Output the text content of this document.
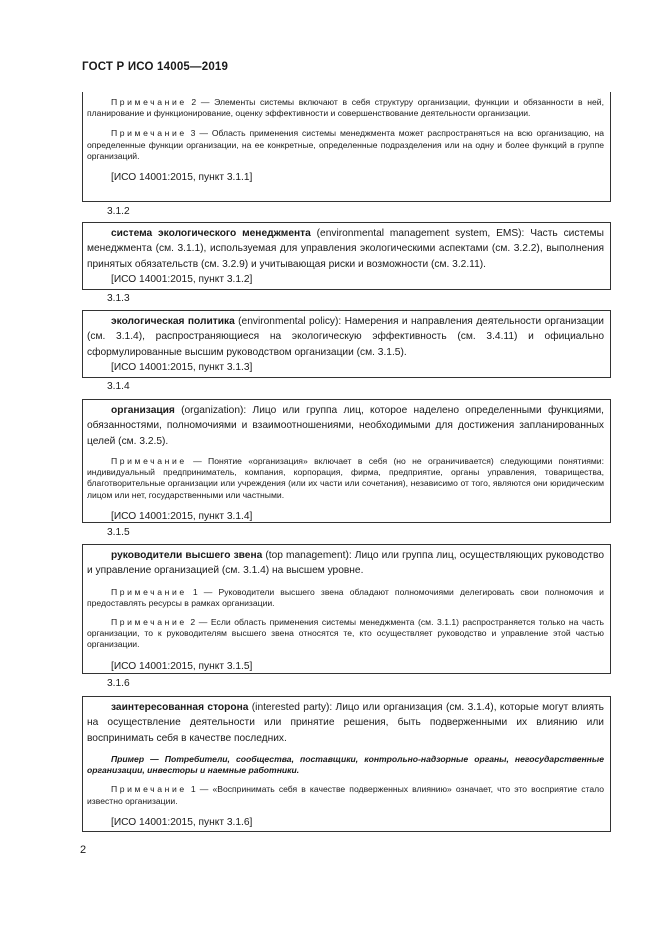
ГОСТ Р ИСО 14005—2019

Примечание 2 — Элементы системы включают в себя структуру организации, функции и обязанности в ней, планирование и функционирование, оценку эффективности и совершенствование деятельности организации.

Примечание 3 — Область применения системы менеджмента может распространяться на всю организацию, на определенные функции организации, на ее конкретные, определенные подразделения или на одну и более функций в группе организаций.

[ИСО 14001:2015, пункт 3.1.1]

3.1.2

система экологического менеджмента (environmental management system, EMS): Часть системы менеджмента (см. 3.1.1), используемая для управления экологическими аспектами (см. 3.2.2), выполнения принятых обязательств (см. 3.2.9) и учитывающая риски и возможности (см. 3.2.11).

[ИСО 14001:2015, пункт 3.1.2]

3.1.3

экологическая политика (environmental policy): Намерения и направления деятельности организации (см. 3.1.4), распространяющиеся на экологическую эффективность (см. 3.4.11) и официально сформулированные высшим руководством организации (см. 3.1.5).

[ИСО 14001:2015, пункт 3.1.3]

3.1.4

организация (organization): Лицо или группа лиц, которое наделено определенными функциями, обязанностями, полномочиями и взаимоотношениями, необходимыми для достижения запланированных целей (см. 3.2.5).

Примечание — Понятие «организация» включает в себя (но не ограничивается) следующими понятиями: индивидуальный предприниматель, компания, корпорация, фирма, предприятие, органы управления, товарищества, благотворительные организации или учреждения (или их части или сочетания), независимо от того, являются они юридическим лицом или нет, государственными или частными.

[ИСО 14001:2015, пункт 3.1.4]

3.1.5

руководители высшего звена (top management): Лицо или группа лиц, осуществляющих руководство и управление организацией (см. 3.1.4) на высшем уровне.

Примечание 1 — Руководители высшего звена обладают полномочиями делегировать свои полномочия и предоставлять ресурсы в рамках организации.

Примечание 2 — Если область применения системы менеджмента (см. 3.1.1) распространяется только на часть организации, то к руководителям высшего звена относятся те, кто осуществляет руководство и управление этой частью организации.

[ИСО 14001:2015, пункт 3.1.5]

3.1.6

заинтересованная сторона (interested party): Лицо или организация (см. 3.1.4), которые могут влиять на осуществление деятельности или принятие решения, быть подверженными их влиянию или воспринимать себя в качестве последних.

Пример — Потребители, сообщества, поставщики, контрольно-надзорные органы, негосударственные организации, инвесторы и наемные работники.

Примечание 1 — «Воспринимать себя в качестве подверженных влиянию» означает, что это восприятие стало известно организации.

[ИСО 14001:2015, пункт 3.1.6]

2
